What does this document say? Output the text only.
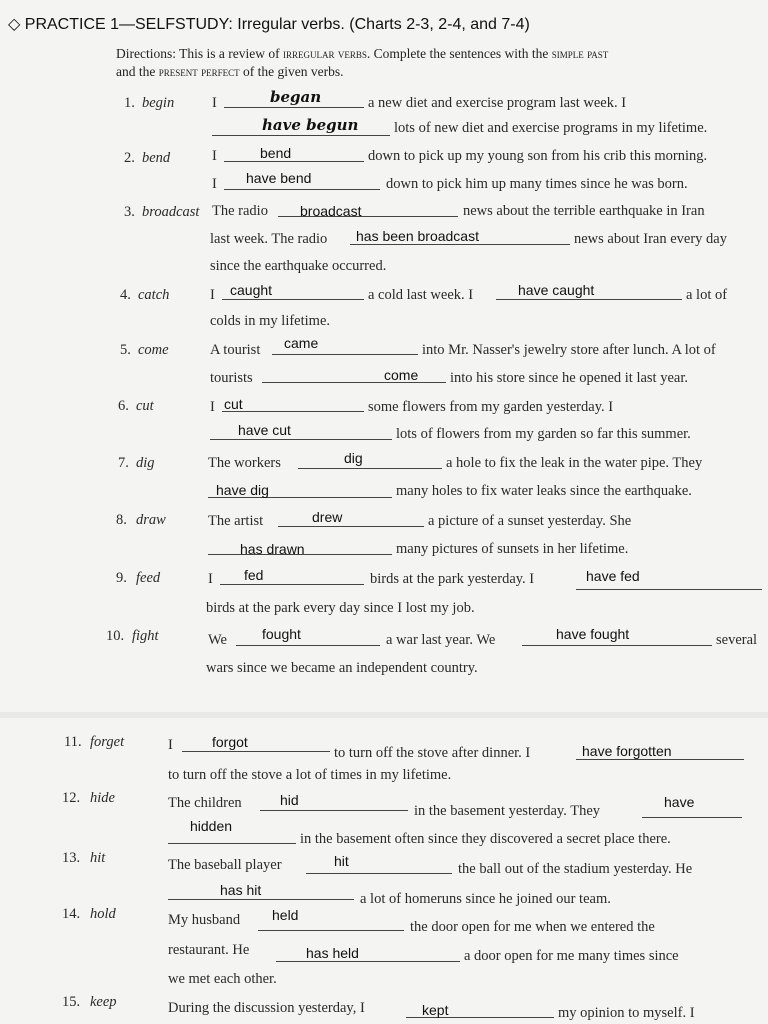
◇ PRACTICE 1—SELFSTUDY: Irregular verbs. (Charts 2-3, 2-4, and 7-4)
Directions: This is a review of irregular verbs. Complete the sentences with the simple past
and the present perfect of the given verbs.
1. begin	I	began	a new diet and exercise program last week. I
have begun lots of new diet and exercise programs in my lifetime.
2. bend	I	bend	down to pick up my young son from his crib this morning.
I have bend	down to pick him up many times since he was born.
3. broadcast The radio broadcast	news about the terrible earthquake in Iran
last week. The radio has been broadcast	news about Iran every day
since the earthquake occurred.
4. catch	I caught	a cold last week. I	have caught	a lot of
colds in my lifetime.
5. come	A tourist came	into Mr. Nasser's jewelry store after lunch. A lot of
tourists	come into his store since he opened it last year.
6. cut	I cut	some flowers from my garden yesterday. I
have cut	lots of flowers from my garden so far this summer.
7. dig	The workers	dig	a hole to fix the leak in the water pipe. They
have dig	many holes to fix water leaks since the earthquake.
8. draw	The artist	drew	a picture of a sunset yesterday. She
has drawn	many pictures of sunsets in her lifetime.
9. feed	I fed	birds at the park yesterday. I	have fed
birds at the park every day since I lost my job.
10. fight	We	fought	a war last year. We	have fought	several
wars since we became an independent country.
11. forget	I	forgot
to turn off the stove after dinner. I	have forgotten
to turn off the stove a lot of times in my lifetime.
12. hide	The children	hid
in the basement yesterday. They
have
hidden
in the basement often since they discovered a secret place there.
13. hit	The baseball player	hit	the ball out of the stadium yesterday. He
has hit
a lot of homeruns since he joined our team.
14. hold	My husband held
the door open for me when we entered the
restaurant. He	has held	a door open for me many times since
we met each other.
15. keep	During the discussion yesterday, I	kept	my opinion to myself. I
